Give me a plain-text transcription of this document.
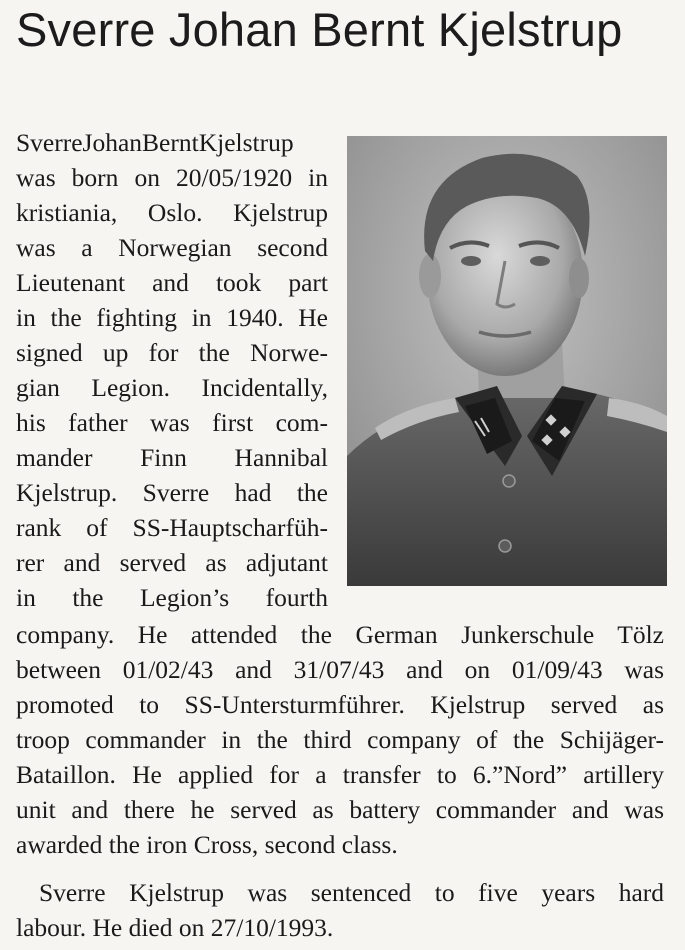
Sverre Johan Bernt Kjelstrup
SverreJohanBerntKjelstrup
was born on 20/05/1920 in
kristiania, Oslo. Kjelstrup
was a Norwegian second
Lieutenant and took part
in the fighting in 1940. He
signed up for the Norwe-
gian Legion. Incidentally,
his father was first com-
mander Finn Hannibal
Kjelstrup. Sverre had the
rank of SS-Hauptscharfüh-
rer and served as adjutant
in the Legion’s fourth
company. He attended the German Junkerschule Tölz
between 01/02/43 and 31/07/43 and on 01/09/43 was
promoted to SS-Untersturmführer. Kjelstrup served as
troop commander in the third company of the Schijäger-
Bataillon. He applied for a transfer to 6.”Nord” artillery
unit and there he served as battery commander and was
awarded the iron Cross, second class.
Sverre Kjelstrup was sentenced to five years hard
labour. He died on 27/10/1993.
